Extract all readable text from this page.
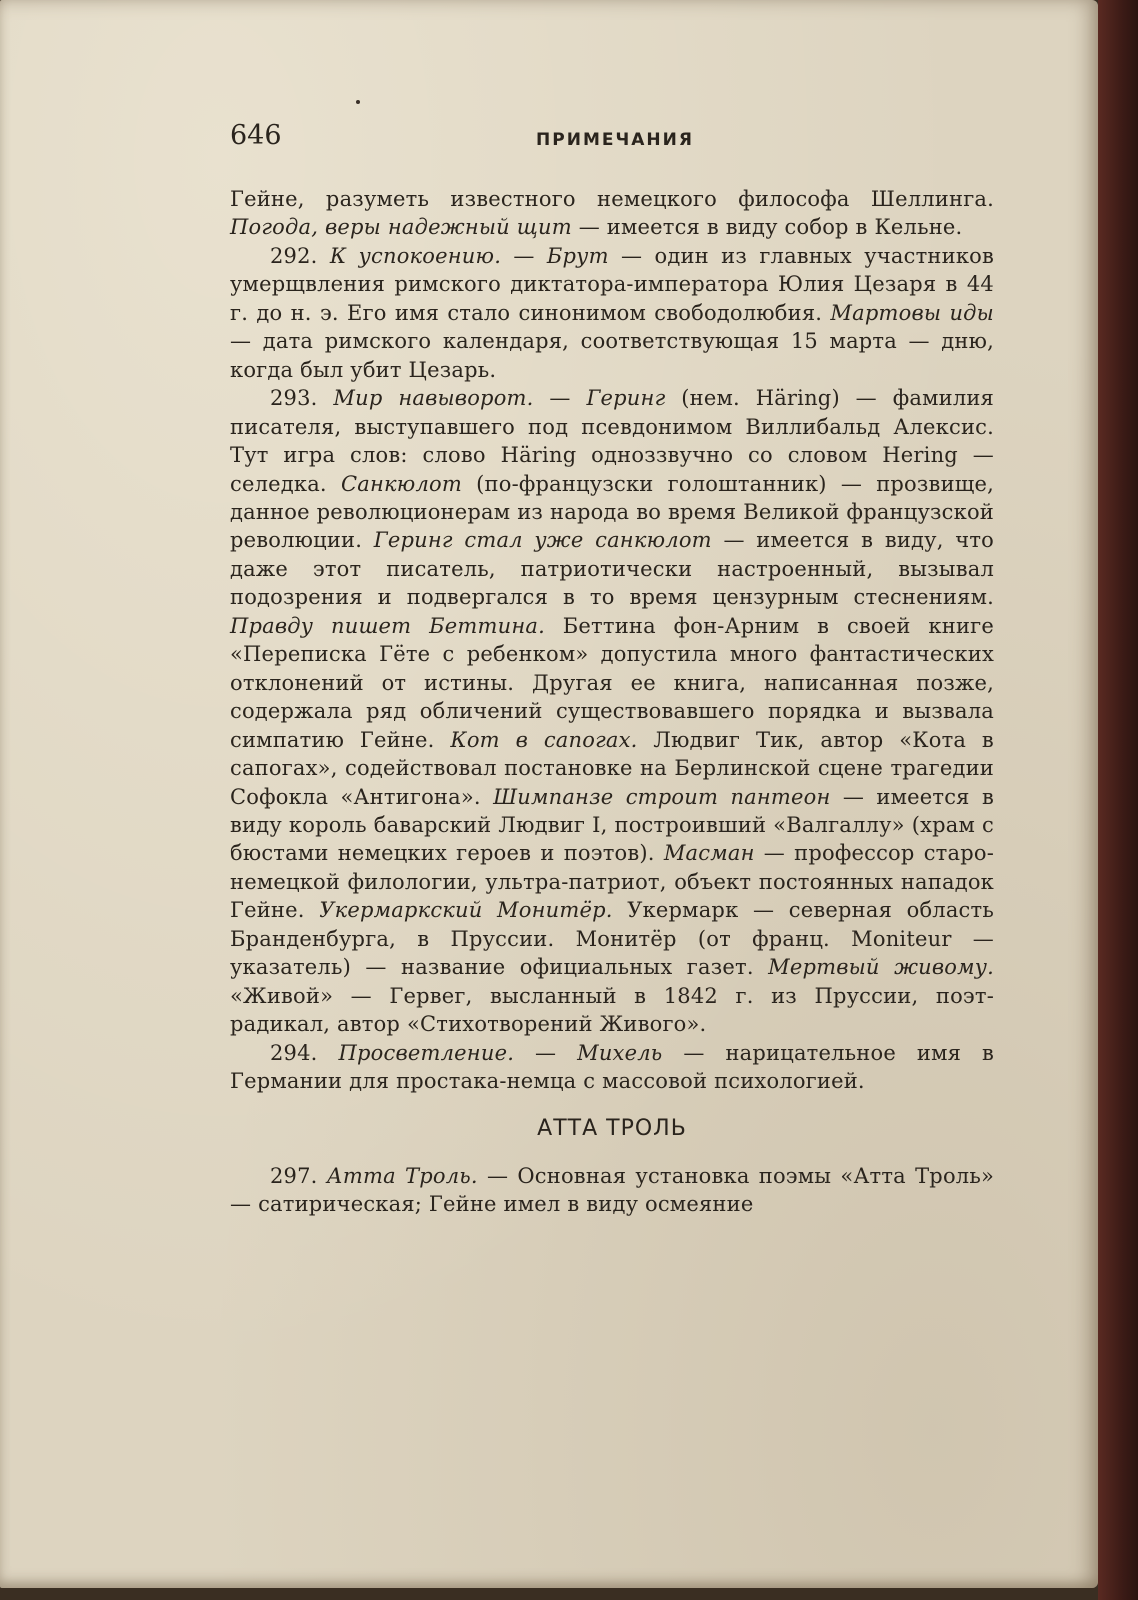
646	ПРИМЕЧАНИЯ

Гейне, разуметь известного немецкого философа Шеллинга. Погода, веры надежный щит — имеется в виду собор в Кельне.

292. К успокоению. — Брут — один из главных участников умерщвления римского диктатора-императора Юлия Цезаря в 44 г. до н. э. Его имя стало синонимом свободолюбия. Мартовы иды — дата римского календаря, соответствующая 15 марта — дню, когда был убит Цезарь.

293. Мир навыворот. — Геринг (нем. Häring) — фамилия писателя, выступавшего под псевдонимом Виллибальд Алексис. Тут игра слов: слово Häring одноззвучно со словом Hering — селедка. Санкюлот (по-французски голоштанник) — прозвище, данное революционерам из народа во время Великой французской революции. Геринг стал уже санкюлот — имеется в виду, что даже этот писатель, патриотически настроенный, вызывал подозрения и подвергался в то время цензурным стеснениям. Правду пишет Беттина. Беттина фон-Арним в своей книге «Переписка Гёте с ребенком» допустила много фантастических отклонений от истины. Другая ее книга, написанная позже, содержала ряд обличений существовавшего порядка и вызвала симпатию Гейне. Кот в сапогах. Людвиг Тик, автор «Кота в сапогах», содействовал постановке на Берлинской сцене трагедии Софокла «Антигона». Шимпанзе строит пантеон — имеется в виду король баварский Людвиг I, построивший «Валгаллу» (храм с бюстами немецких героев и поэтов). Масман — профессор старо-немецкой филологии, ультра-патриот, объект постоянных нападок Гейне. Укермаркский Монитёр. Укермарк — северная область Бранденбурга, в Пруссии. Монитёр (от франц. Moniteur — указатель) — название официальных газет. Мертвый живому. «Живой» — Гервег, высланный в 1842 г. из Пруссии, поэт-радикал, автор «Стихотворений Живого».

294. Просветление. — Михель — нарицательное имя в Германии для простака-немца с массовой психологией.

АТТА ТРОЛЬ

297. Атта Троль. — Основная установка поэмы «Атта Троль» — сатирическая; Гейне имел в виду осмеяние
